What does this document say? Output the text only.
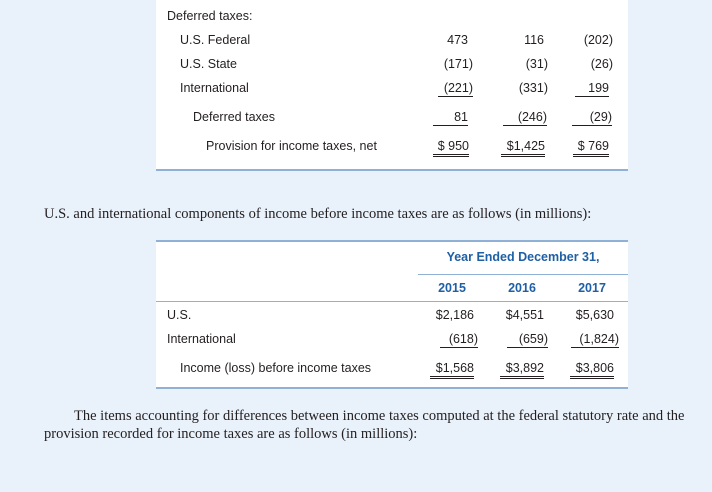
Deferred taxes:
U.S. Federal	473	116	(202)
U.S. State	(171)	(31)	(26)
International	(221)	(331)	199
Deferred taxes	81	(246)	(29)
Provision for income taxes, net	$ 950	$1,425	$ 769
U.S. and international components of income before income taxes are as follows (in millions):
Year Ended December 31,
2015	2016	2017
U.S.	$2,186	$4,551	$5,630
International	(618)	(659)	(1,824)
Income (loss) before income taxes	$1,568	$3,892	$3,806
The items accounting for differences between income taxes computed at the federal statutory rate and the provision recorded for income taxes are as follows (in millions):
